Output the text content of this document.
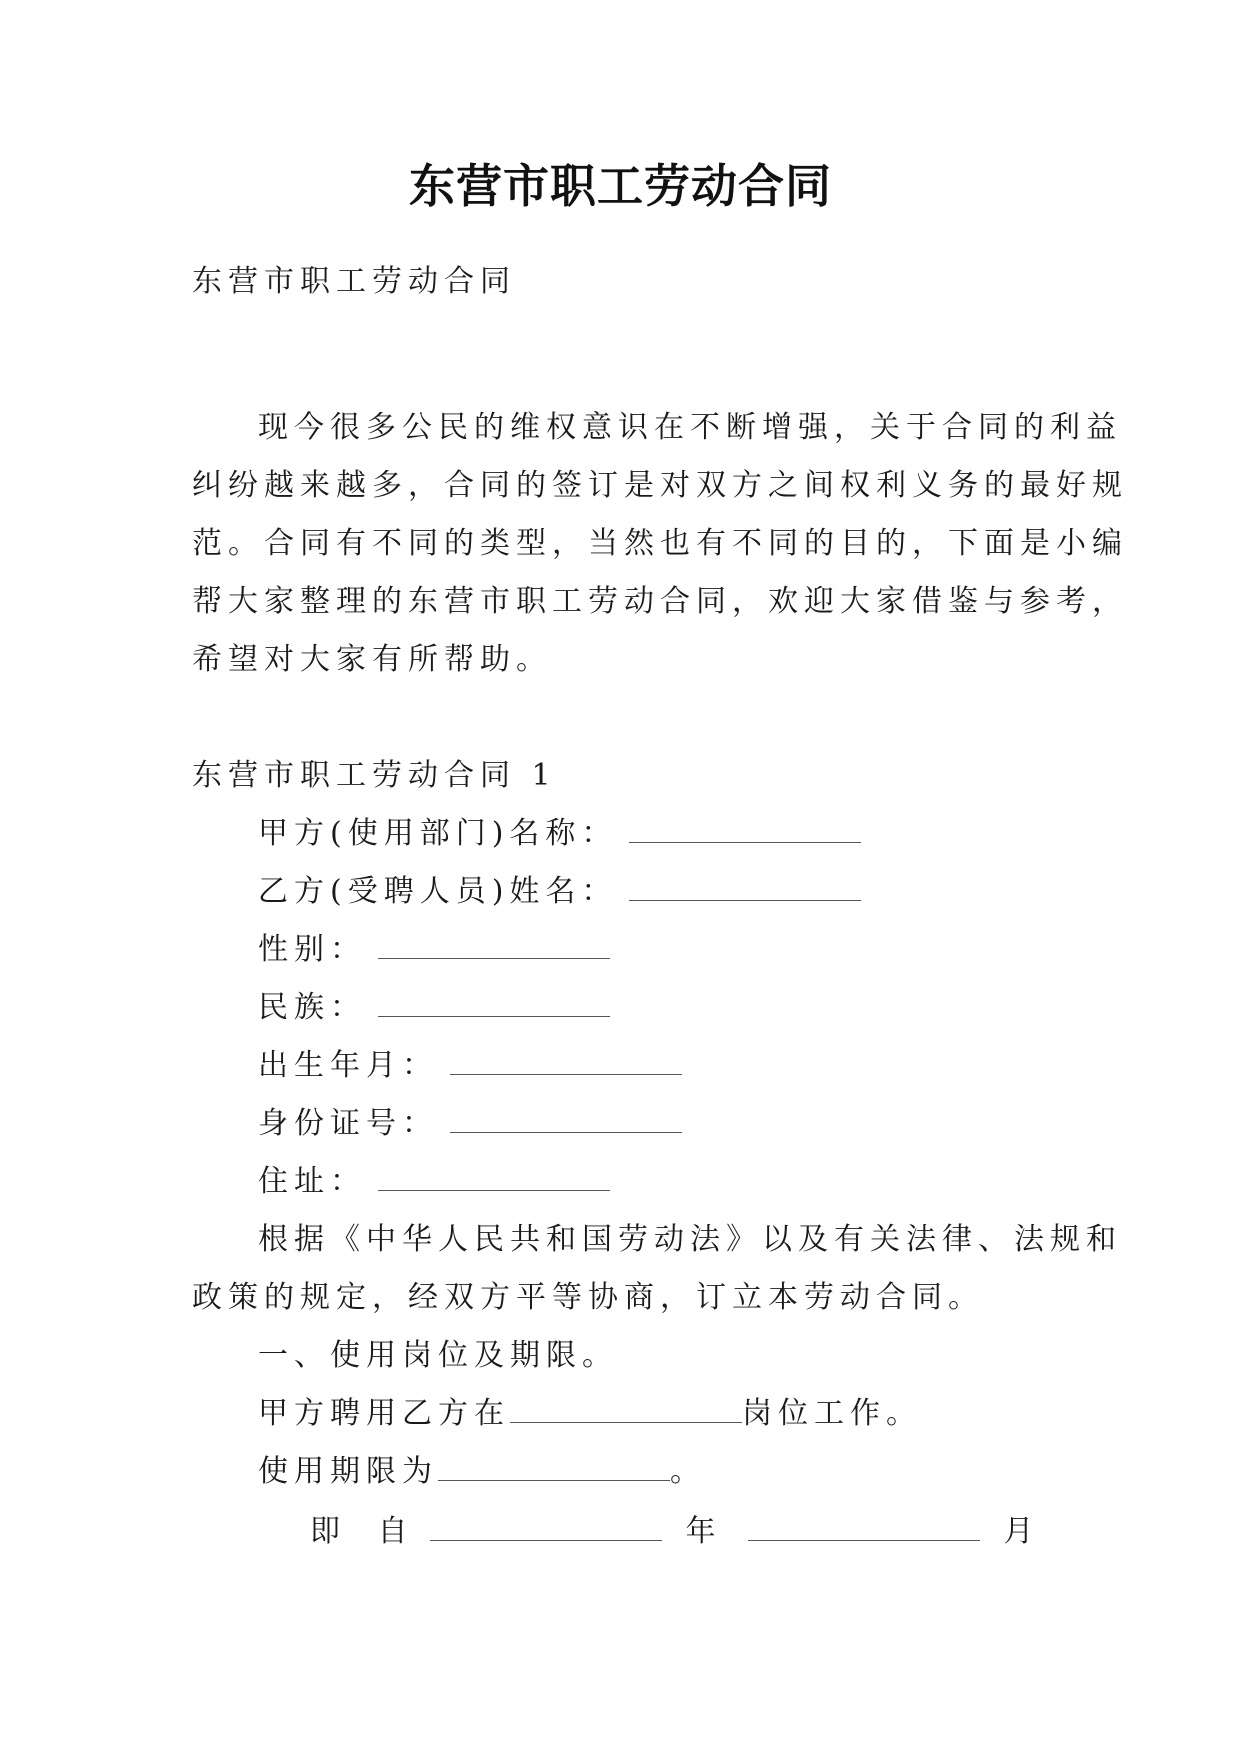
东营市职工劳动合同
东营市职工劳动合同
现今很多公民的维权意识在不断增强，关于合同的利益
纠纷越来越多，合同的签订是对双方之间权利义务的最好规
范。合同有不同的类型，当然也有不同的目的，下面是小编
帮大家整理的东营市职工劳动合同，欢迎大家借鉴与参考，
希望对大家有所帮助。
东营市职工劳动合同 1
甲方(使用部门)名称：
乙方(受聘人员)姓名：
性别：
民族：
出生年月：
身份证号：
住址：
根据《中华人民共和国劳动法》以及有关法律、法规和
政策的规定，经双方平等协商，订立本劳动合同。
一、使用岗位及期限。
甲方聘用乙方在	岗位工作。
使用期限为	。
即 自	年	月
